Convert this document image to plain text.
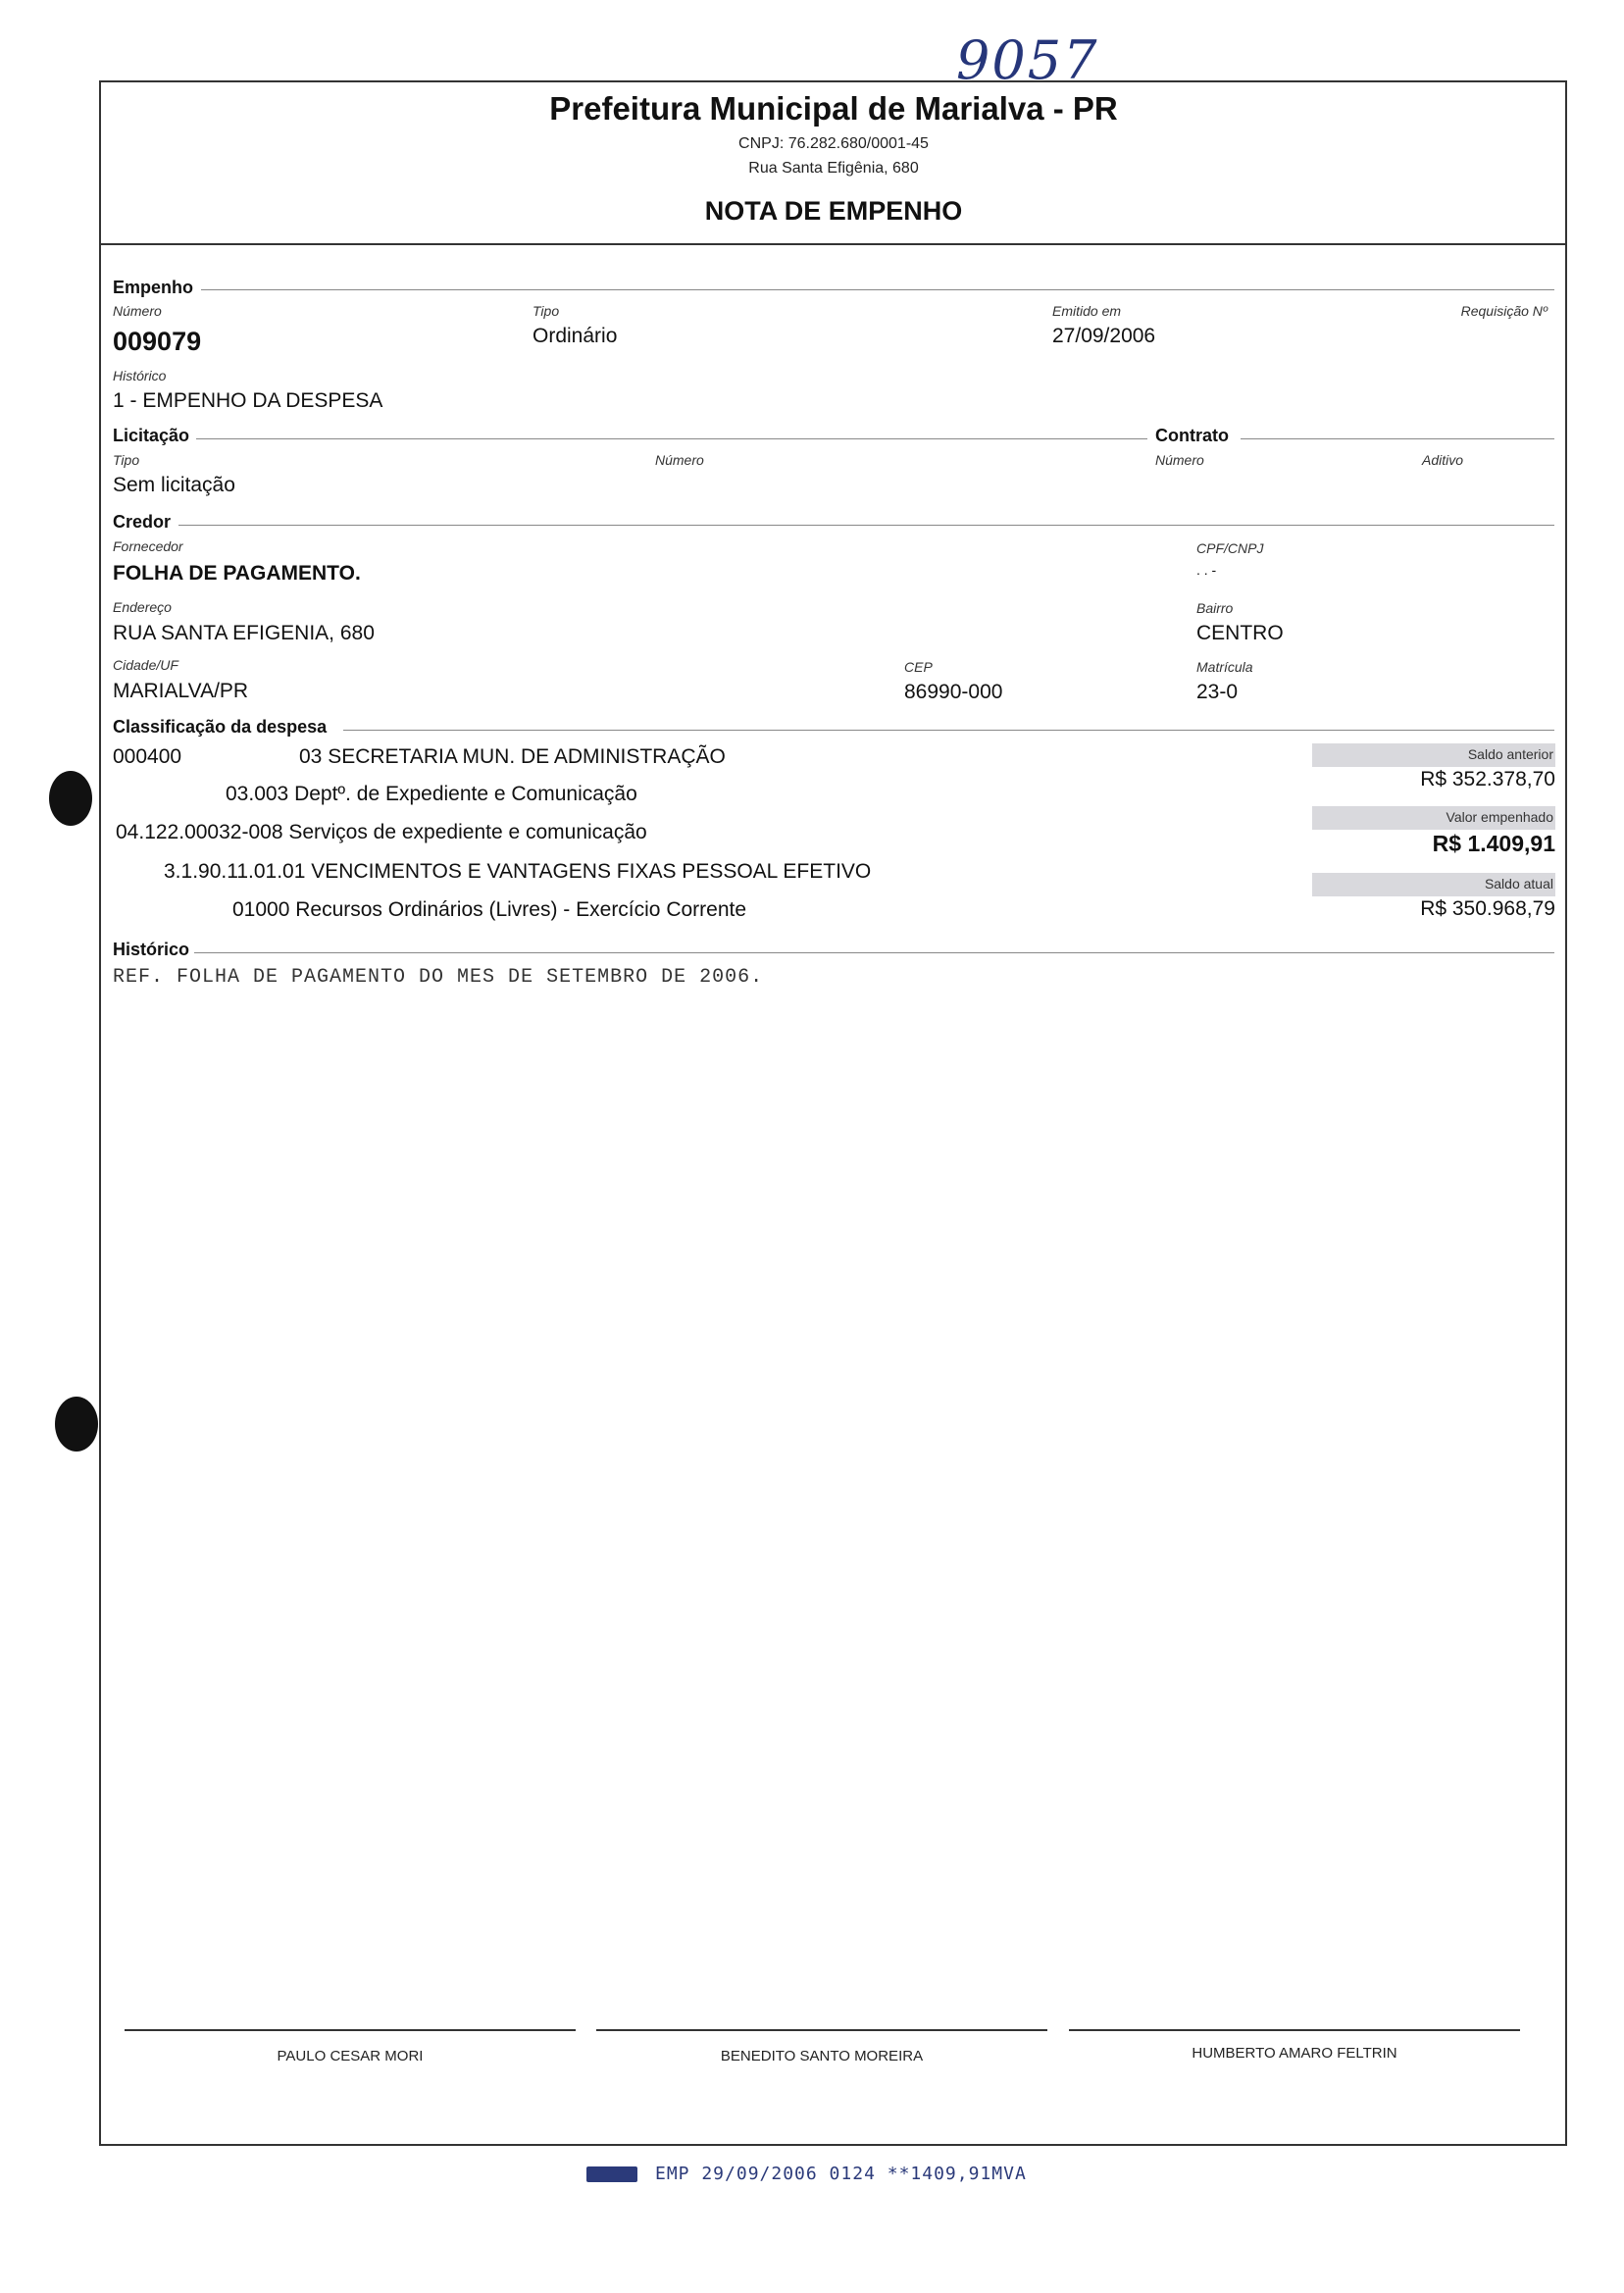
9057
Prefeitura Municipal de Marialva - PR
CNPJ: 76.282.680/0001-45
Rua Santa Efigênia, 680
NOTA DE EMPENHO
Empenho
Número
009079
Tipo
Ordinário
Emitido em
27/09/2006
Requisição Nº
Histórico
1 - EMPENHO DA DESPESA
Licitação	Contrato
Tipo
Sem licitação
Número	Número	Aditivo
Credor
Fornecedor
FOLHA DE PAGAMENTO.
CPF/CNPJ
. . -
Endereço
RUA SANTA EFIGENIA, 680
Bairro
CENTRO
Cidade/UF
MARIALVA/PR
CEP
86990-000
Matrícula
23-0
Classificação da despesa
000400	03 SECRETARIA MUN. DE ADMINISTRAÇÃO
03.003 Deptº. de Expediente e Comunicação
04.122.00032-008 Serviços de expediente e comunicação
3.1.90.11.01.01 VENCIMENTOS E VANTAGENS FIXAS PESSOAL EFETIVO
01000 Recursos Ordinários (Livres) - Exercício Corrente
Saldo anterior
R$ 352.378,70
Valor empenhado
R$ 1.409,91
Saldo atual
R$ 350.968,79
Histórico
REF. FOLHA DE PAGAMENTO DO MES DE SETEMBRO DE 2006.
PAULO CESAR MORI	BENEDITO SANTO MOREIRA	HUMBERTO AMARO FELTRIN
EMP 29/09/2006 0124 **1409,91MVA
